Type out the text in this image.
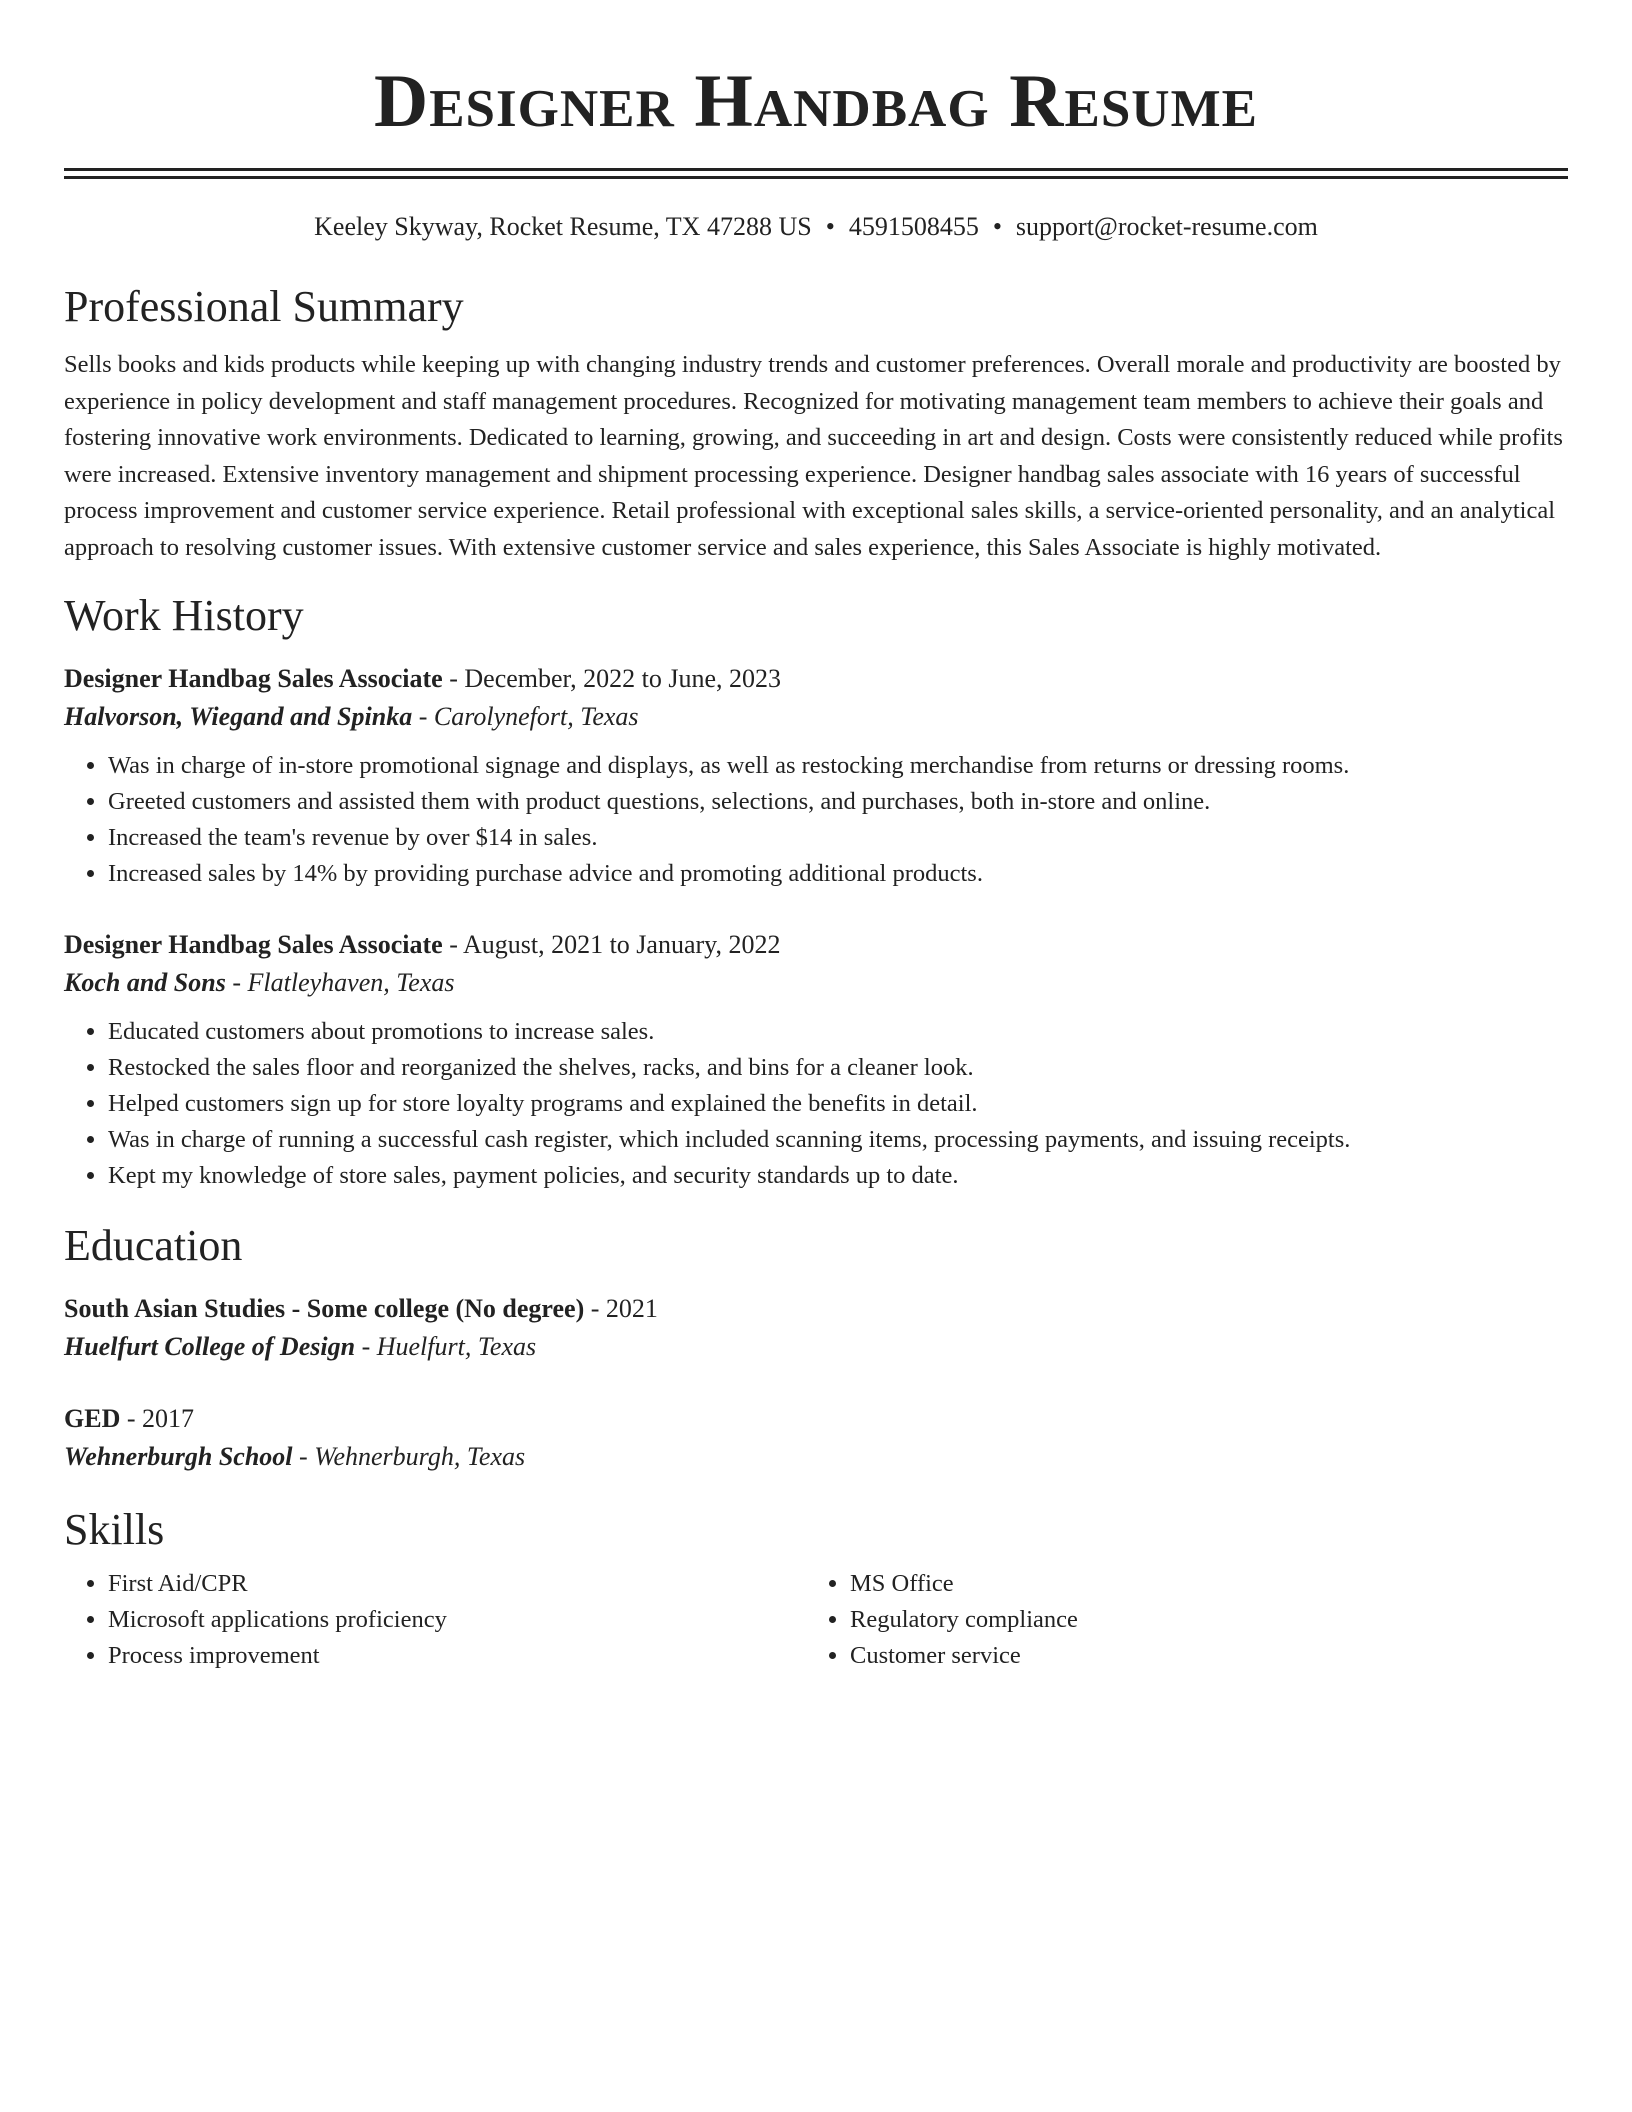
Designer Handbag Resume
Keeley Skyway, Rocket Resume, TX 47288 US • 4591508455 • support@rocket-resume.com
Professional Summary

Sells books and kids products while keeping up with changing industry trends and customer preferences. Overall morale and productivity are boosted by experience in policy development and staff management procedures. Recognized for motivating management team members to achieve their goals and fostering innovative work environments. Dedicated to learning, growing, and succeeding in art and design. Costs were consistently reduced while profits were increased. Extensive inventory management and shipment processing experience. Designer handbag sales associate with 16 years of successful process improvement and customer service experience. Retail professional with exceptional sales skills, a service-oriented personality, and an analytical approach to resolving customer issues. With extensive customer service and sales experience, this Sales Associate is highly motivated.

Work History
Designer Handbag Sales Associate - December, 2022 to June, 2023
Halvorson, Wiegand and Spinka - Carolynefort, Texas
• Was in charge of in-store promotional signage and displays, as well as restocking merchandise from returns or dressing rooms.
• Greeted customers and assisted them with product questions, selections, and purchases, both in-store and online.
• Increased the team's revenue by over $14 in sales.
• Increased sales by 14% by providing purchase advice and promoting additional products.
Designer Handbag Sales Associate - August, 2021 to January, 2022
Koch and Sons - Flatleyhaven, Texas
• Educated customers about promotions to increase sales.
• Restocked the sales floor and reorganized the shelves, racks, and bins for a cleaner look.
• Helped customers sign up for store loyalty programs and explained the benefits in detail.
• Was in charge of running a successful cash register, which included scanning items, processing payments, and issuing receipts.
• Kept my knowledge of store sales, payment policies, and security standards up to date.
Education
South Asian Studies - Some college (No degree) - 2021
Huelfurt College of Design - Huelfurt, Texas
GED - 2017
Wehnerburgh School - Wehnerburgh, Texas
Skills
• First Aid/CPR
• Microsoft applications proficiency
• Process improvement
• MS Office
• Regulatory compliance
• Customer service
